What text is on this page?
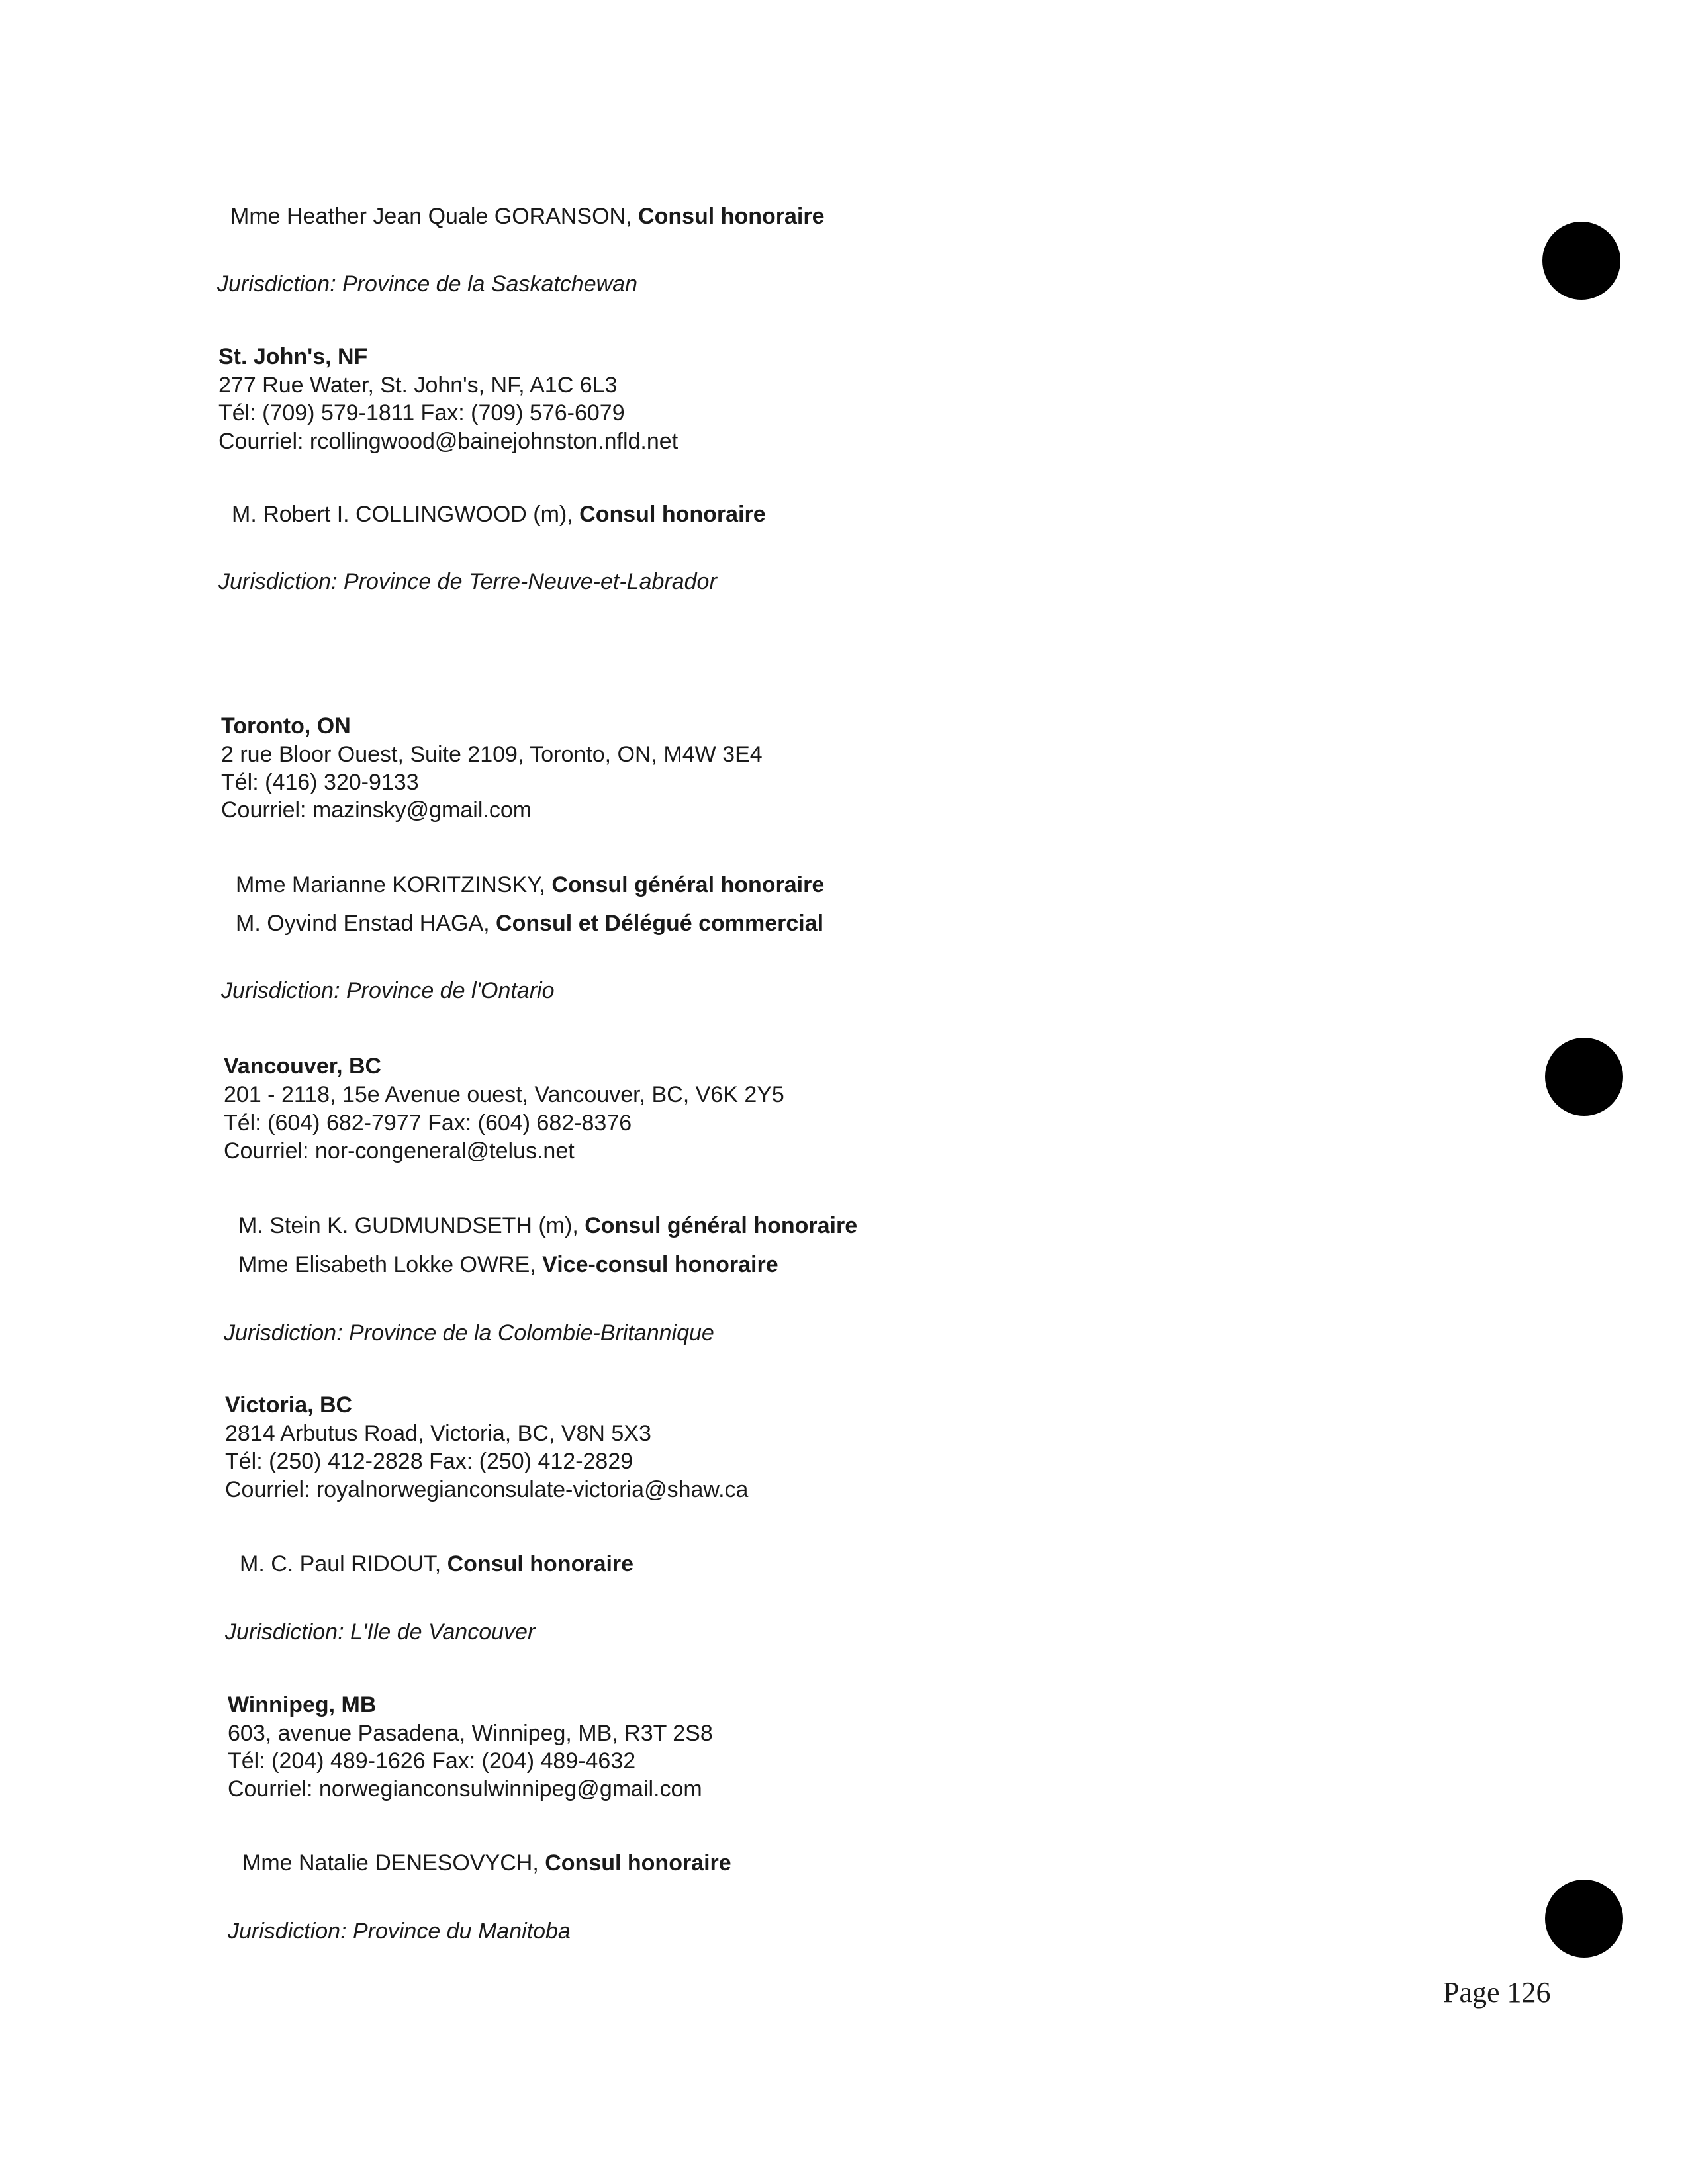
Mme Heather Jean Quale GORANSON, Consul honoraire
Jurisdiction: Province de la Saskatchewan
St. John's, NF
277 Rue Water, St. John's, NF, A1C 6L3
Tél: (709) 579-1811 Fax: (709) 576-6079
Courriel: rcollingwood@bainejohnston.nfld.net
M. Robert I. COLLINGWOOD (m), Consul honoraire
Jurisdiction: Province de Terre-Neuve-et-Labrador
Toronto, ON
2 rue Bloor Ouest, Suite 2109, Toronto, ON, M4W 3E4
Tél: (416) 320-9133
Courriel: mazinsky@gmail.com
Mme Marianne KORITZINSKY, Consul général honoraire
M. Oyvind Enstad HAGA, Consul et Délégué commercial
Jurisdiction: Province de l'Ontario
Vancouver, BC
201 - 2118, 15e Avenue ouest, Vancouver, BC, V6K 2Y5
Tél: (604) 682-7977 Fax: (604) 682-8376
Courriel: nor-congeneral@telus.net
M. Stein K. GUDMUNDSETH (m), Consul général honoraire
Mme Elisabeth Lokke OWRE, Vice-consul honoraire
Jurisdiction: Province de la Colombie-Britannique
Victoria, BC
2814 Arbutus Road, Victoria, BC, V8N 5X3
Tél: (250) 412-2828 Fax: (250) 412-2829
Courriel: royalnorwegianconsulate-victoria@shaw.ca
M. C. Paul RIDOUT, Consul honoraire
Jurisdiction: L'Ile de Vancouver
Winnipeg, MB
603, avenue Pasadena, Winnipeg, MB, R3T 2S8
Tél: (204) 489-1626 Fax: (204) 489-4632
Courriel: norwegianconsulwinnipeg@gmail.com
Mme Natalie DENESOVYCH, Consul honoraire
Jurisdiction: Province du Manitoba
Page 126
